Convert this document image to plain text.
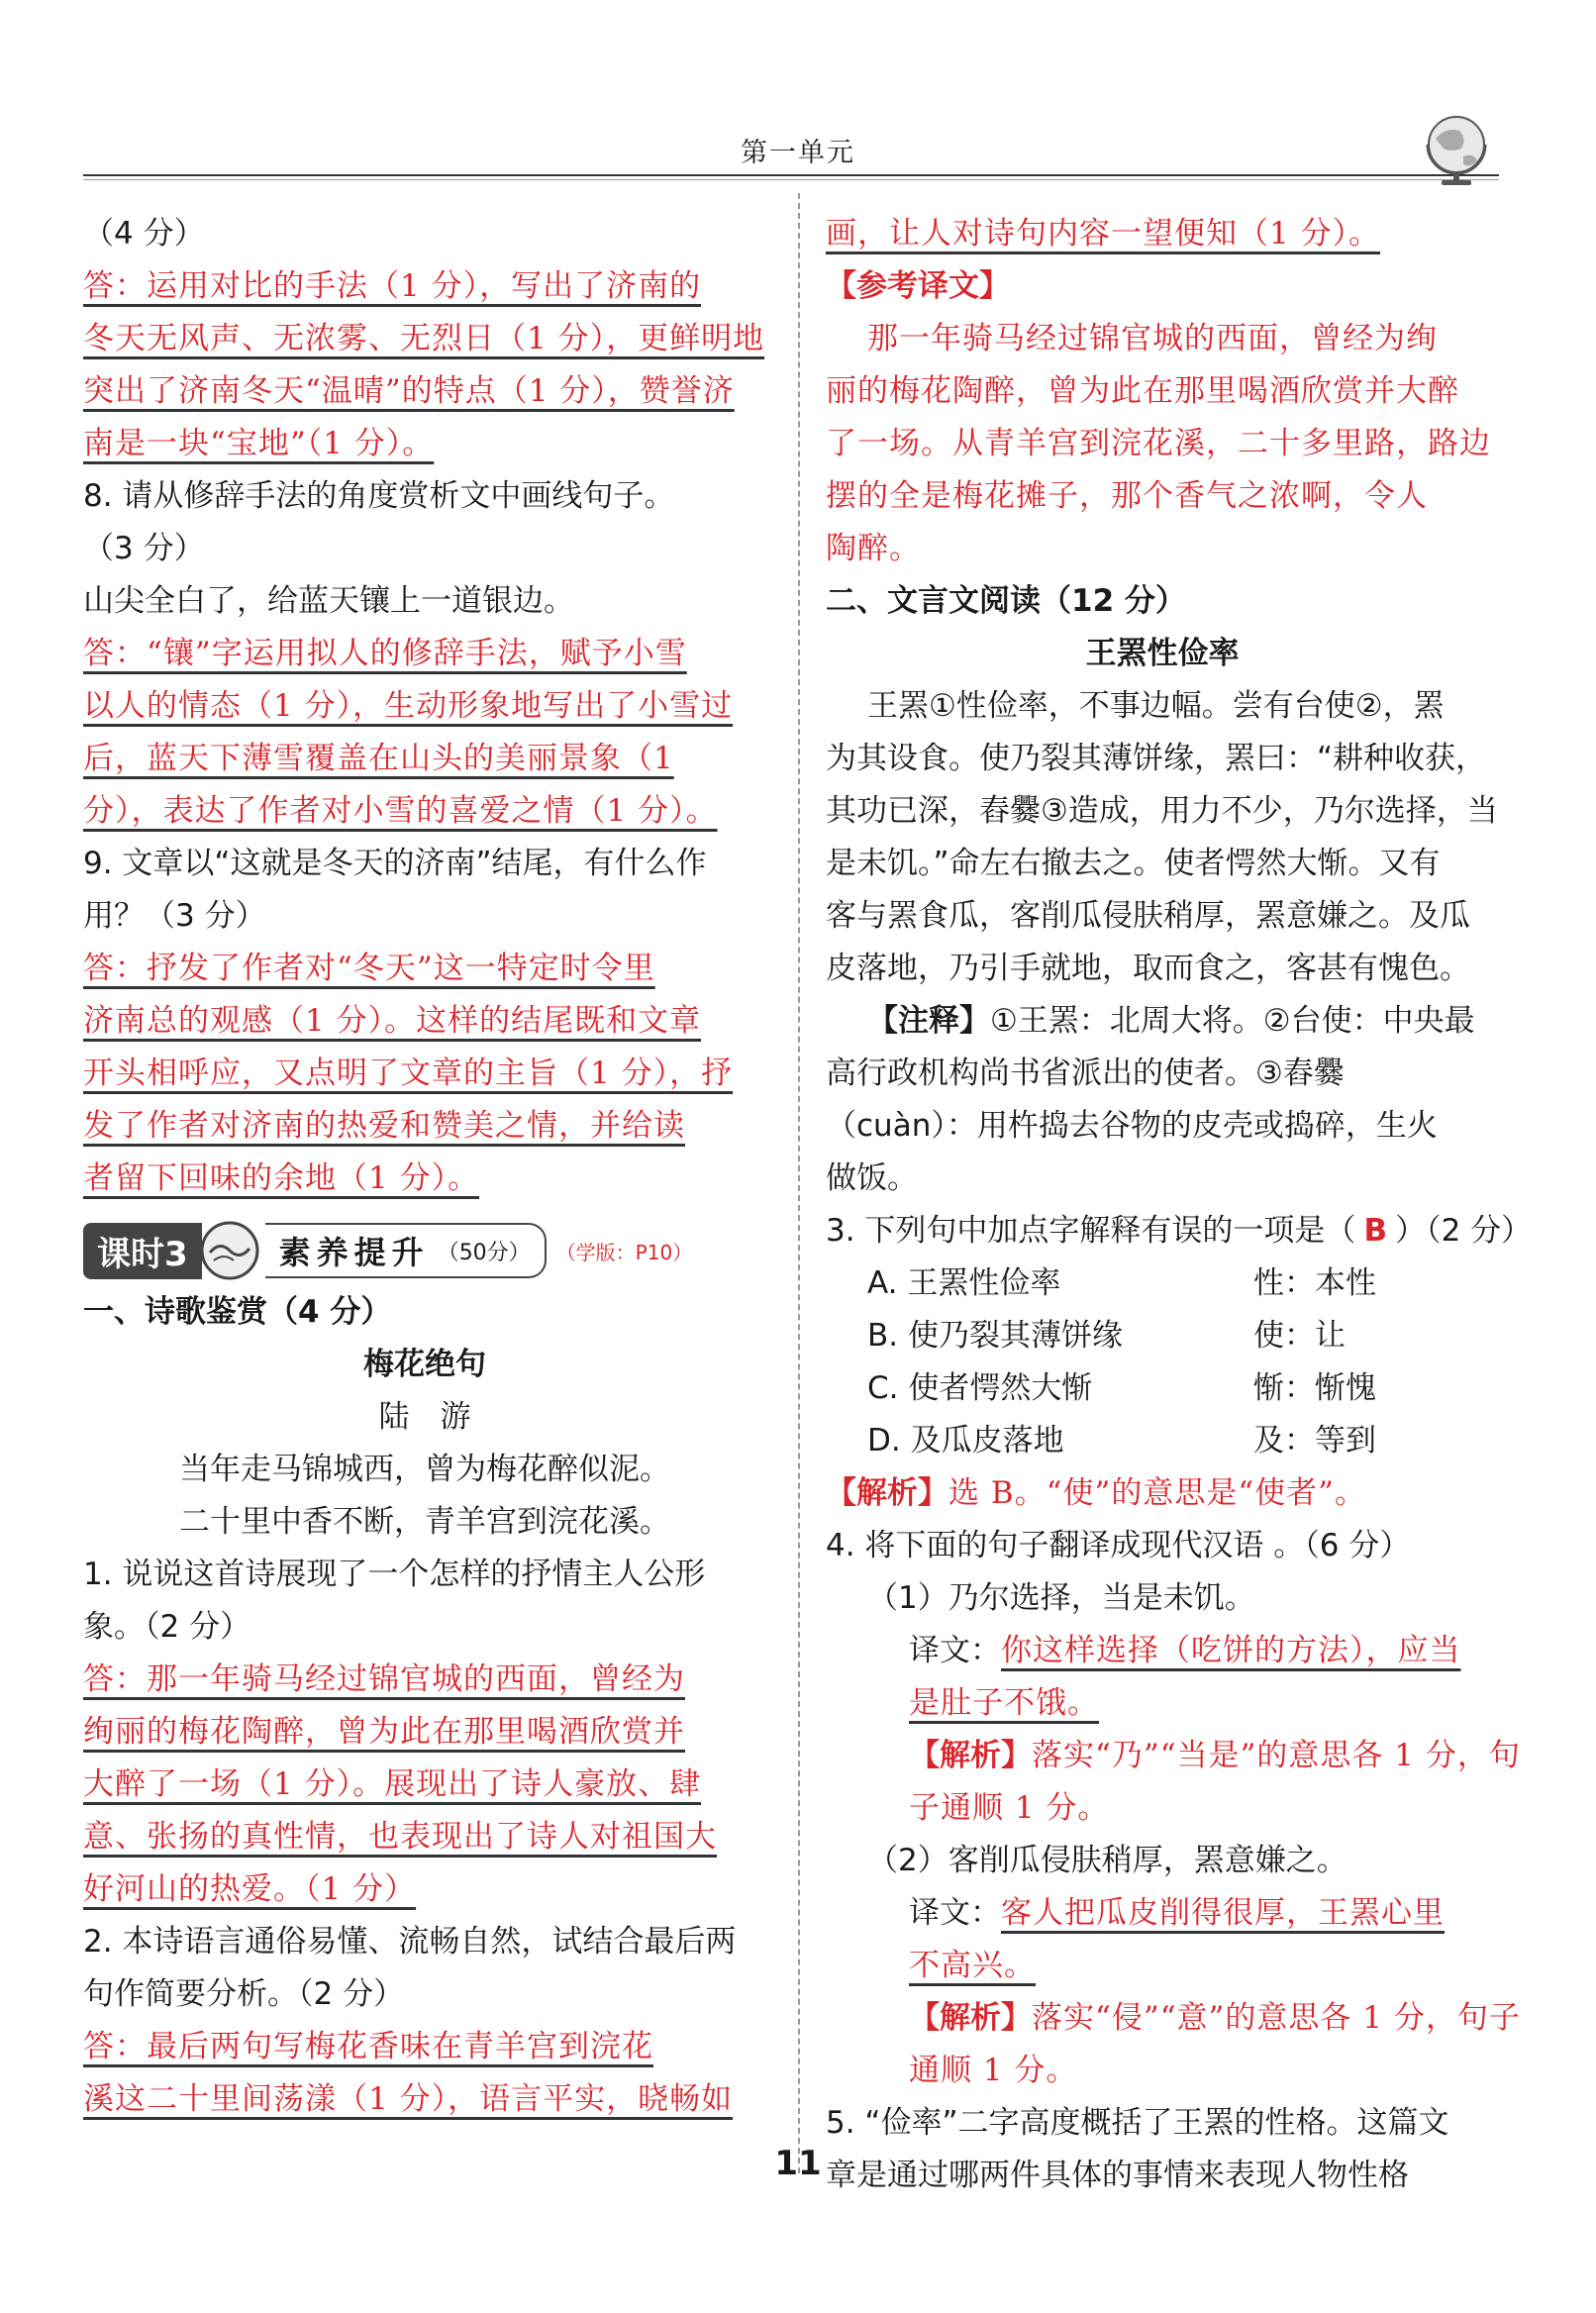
第一单元
（4 分）
答：运用对比的手法（1 分），写出了济南的
冬天无风声、无浓雾、无烈日（1 分），更鲜明地
突出了济南冬天“温晴”的特点（1 分），赞誉济
南是一块“宝地”（1 分）。
8. 请从修辞手法的角度赏析文中画线句子。
（3 分）
山尖全白了，给蓝天镶上一道银边。
答：“镶”字运用拟人的修辞手法，赋予小雪
以人的情态（1 分），生动形象地写出了小雪过
后，蓝天下薄雪覆盖在山头的美丽景象（1
分），表达了作者对小雪的喜爱之情（1 分）。
9. 文章以“这就是冬天的济南”结尾，有什么作
用？（3 分）
答：抒发了作者对“冬天”这一特定时令里
济南总的观感（1 分）。这样的结尾既和文章
开头相呼应，又点明了文章的主旨（1 分），抒
发了作者对济南的热爱和赞美之情，并给读
者留下回味的余地（1 分）。
课时3	素养提升 （50分） （学版：P10）
一、诗歌鉴赏（4 分）
梅花绝句
陆　游
当年走马锦城西，曾为梅花醉似泥。
二十里中香不断，青羊宫到浣花溪。
1. 说说这首诗展现了一个怎样的抒情主人公形
象。（2 分）
答：那一年骑马经过锦官城的西面，曾经为
绚丽的梅花陶醉，曾为此在那里喝酒欣赏并
大醉了一场（1 分）。展现出了诗人豪放、肆
意、张扬的真性情，也表现出了诗人对祖国大
好河山的热爱。（1 分）
2. 本诗语言通俗易懂、流畅自然，试结合最后两
句作简要分析。（2 分）
答：最后两句写梅花香味在青羊宫到浣花
溪这二十里间荡漾（1 分），语言平实，晓畅如
画，让人对诗句内容一望便知（1 分）。
【参考译文】
那一年骑马经过锦官城的西面，曾经为绚
丽的梅花陶醉，曾为此在那里喝酒欣赏并大醉
了一场。从青羊宫到浣花溪，二十多里路，路边
摆的全是梅花摊子，那个香气之浓啊，令人
陶醉。
二、文言文阅读（12 分）
王罴性俭率
王罴①性俭率，不事边幅。尝有台使②，罴
为其设食。使乃裂其薄饼缘，罴曰：“耕种收获，
其功已深，舂爨③造成，用力不少，乃尔选择，当
是未饥。”命左右撤去之。使者愕然大惭。又有
客与罴食瓜，客削瓜侵肤稍厚，罴意嫌之。及瓜
皮落地，乃引手就地，取而食之，客甚有愧色。
【注释】①王罴：北周大将。②台使：中央最
高行政机构尚书省派出的使者。③舂爨
（cuàn）：用杵捣去谷物的皮壳或捣碎，生火
做饭。
3. 下列句中加点字解释有误的一项是（ B ）（2 分）
A. 王罴性俭率	性：本性
B. 使乃裂其薄饼缘	使：让
C. 使者愕然大惭	惭：惭愧
D. 及瓜皮落地	及：等到
【解析】选 B。“使”的意思是“使者”。
4. 将下面的句子翻译成现代汉语 。（6 分）
（1）乃尔选择，当是未饥。
译文：你这样选择（吃饼的方法），应当
是肚子不饿。
【解析】落实“乃”“当是”的意思各 1 分，句
子通顺 1 分。
（2）客削瓜侵肤稍厚，罴意嫌之。
译文：客人把瓜皮削得很厚，王罴心里
不高兴。
【解析】落实“侵”“意”的意思各 1 分，句子
通顺 1 分。
5. “俭率”二字高度概括了王罴的性格。这篇文
章是通过哪两件具体的事情来表现人物性格
11
